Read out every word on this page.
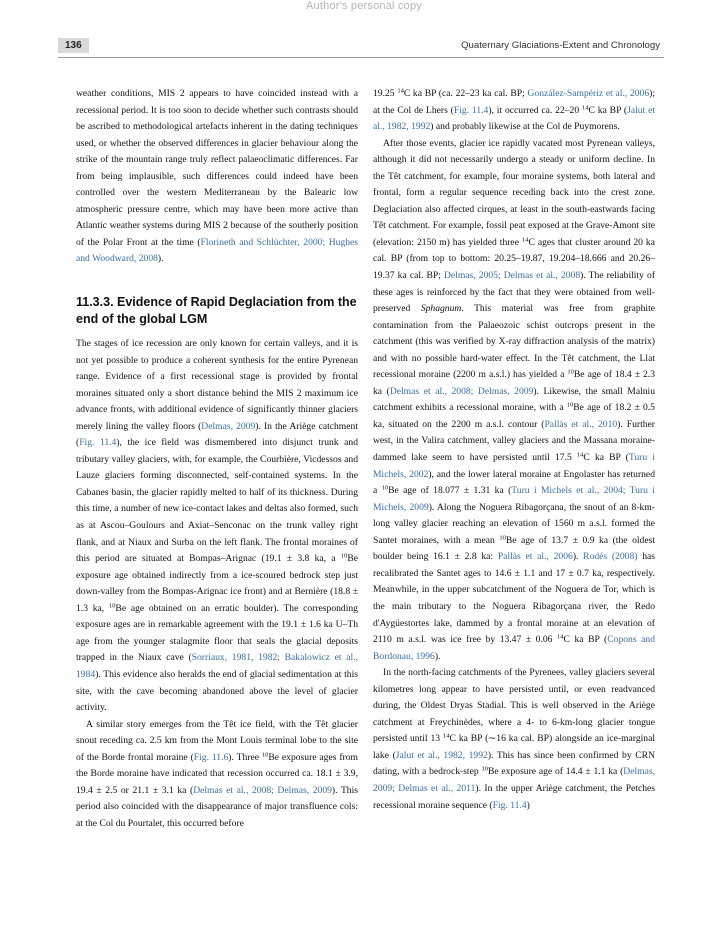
Author's personal copy
136	Quaternary Glaciations-Extent and Chronology

weather conditions, MIS 2 appears to have coincided instead with a recessional period. It is too soon to decide whether such contrasts should be ascribed to methodological artefacts inherent in the dating techniques used, or whether the observed differences in glacier behaviour along the strike of the mountain range truly reflect palaeoclimatic differences. Far from being implausible, such differences could indeed have been controlled over the western Mediterranean by the Balearic low atmospheric pressure centre, which may have been more active than Atlantic weather systems during MIS 2 because of the southerly position of the Polar Front at the time (Florineth and Schlüchter, 2000; Hughes and Woodward, 2008).

11.3.3. Evidence of Rapid Deglaciation from the end of the global LGM

The stages of ice recession are only known for certain valleys, and it is not yet possible to produce a coherent synthesis for the entire Pyrenean range. Evidence of a first recessional stage is provided by frontal moraines situated only a short distance behind the MIS 2 maximum ice advance fronts, with additional evidence of significantly thinner glaciers merely lining the valley floors (Delmas, 2009). In the Ariège catchment (Fig. 11.4), the ice field was dismembered into disjunct trunk and tributary valley glaciers, with, for example, the Courbière, Vicdessos and Lauze glaciers forming disconnected, self-contained systems. In the Cabanes basin, the glacier rapidly melted to half of its thickness. During this time, a number of new ice-contact lakes and deltas also formed, such as at Ascou–Goulours and Axiat–Senconac on the trunk valley right flank, and at Niaux and Surba on the left flank. The frontal moraines of this period are situated at Bompas–Arignac (19.1 ± 3.8 ka, a $^{10}$Be exposure age obtained indirectly from a ice-scoured bedrock step just down-valley from the Bompas-Arignac ice front) and at Bernière (18.8 ± 1.3 ka, $^{10}$Be age obtained on an erratic boulder). The corresponding exposure ages are in remarkable agreement with the 19.1 ± 1.6 ka U–Th age from the younger stalagmite floor that seals the glacial deposits trapped in the Niaux cave (Sorriaux, 1981, 1982; Bakalowicz et al., 1984). This evidence also heralds the end of glacial sedimentation at this site, with the cave becoming abandoned above the level of glacier activity.

A similar story emerges from the Têt ice field, with the Têt glacier snout receding ca. 2.5 km from the Mont Louis terminal lobe to the site of the Borde frontal moraine (Fig. 11.6). Three $^{10}$Be exposure ages from the Borde moraine have indicated that recession occurred ca. 18.1 ± 3.9, 19.4 ± 2.5 or 21.1 ± 3.1 ka (Delmas et al., 2008; Delmas, 2009). This period also coincided with the disappearance of major transfluence cols: at the Col du Pourtalet, this occurred before

19.25 $^{14}$C ka BP (ca. 22–23 ka cal. BP; González-Sampériz et al., 2006); at the Col de Lhers (Fig. 11.4), it occurred ca. 22–20 $^{14}$C ka BP (Jalut et al., 1982, 1992) and probably likewise at the Col de Puymorens.

After those events, glacier ice rapidly vacated most Pyrenean valleys, although it did not necessarily undergo a steady or uniform decline. In the Têt catchment, for example, four moraine systems, both lateral and frontal, form a regular sequence receding back into the crest zone. Deglaciation also affected cirques, at least in the south-eastwards facing Têt catchment. For example, fossil peat exposed at the Grave-Amont site (elevation: 2150 m) has yielded three $^{14}$C ages that cluster around 20 ka cal. BP (from top to bottom: 20.25–19.87, 19.204–18.666 and 20.26–19.37 ka cal. BP; Delmas, 2005; Delmas et al., 2008). The reliability of these ages is reinforced by the fact that they were obtained from well-preserved Sphagnum. This material was free from graphite contamination from the Palaeozoic schist outcrops present in the catchment (this was verified by X-ray diffraction analysis of the matrix) and with no possible hard-water effect. In the Têt catchment, the Llat recessional moraine (2200 m a.s.l.) has yielded a $^{10}$Be age of 18.4 ± 2.3 ka (Delmas et al., 2008; Delmas, 2009). Likewise, the small Malniu catchment exhibits a recessional moraine, with a $^{10}$Be age of 18.2 ± 0.5 ka, situated on the 2200 m a.s.l. contour (Pallàs et al., 2010). Further west, in the Valira catchment, valley glaciers and the Massana moraine-dammed lake seem to have persisted until 17.5 $^{14}$C ka BP (Turu i Michels, 2002), and the lower lateral moraine at Engolaster has returned a $^{10}$Be age of 18.077 ± 1.31 ka (Turu i Michels et al., 2004; Turu i Michels, 2009). Along the Noguera Ribagorçana, the snout of an 8-km-long valley glacier reaching an elevation of 1560 m a.s.l. formed the Santet moraines, with a mean $^{10}$Be age of 13.7 ± 0.9 ka (the oldest boulder being 16.1 ± 2.8 ka: Pallàs et al., 2006). Rodés (2008) has recalibrated the Santet ages to 14.6 ± 1.1 and 17 ± 0.7 ka, respectively. Meanwhile, in the upper subcatchment of the Noguera de Tor, which is the main tributary to the Noguera Ribagorçana river, the Redo d'Aygüestortes lake, dammed by a frontal moraine at an elevation of 2110 m a.s.l. was ice free by 13.47 ± 0.06 $^{14}$C ka BP (Copons and Bordonau, 1996).

In the north-facing catchments of the Pyrenees, valley glaciers several kilometres long appear to have persisted until, or even readvanced during, the Oldest Dryas Stadial. This is well observed in the Ariège catchment at Freychinèdes, where a 4- to 6-km-long glacier tongue persisted until 13 $^{14}$C ka BP (∼16 ka cal. BP) alongside an ice-marginal lake (Jalut et al., 1982, 1992). This has since been confirmed by CRN dating, with a bedrock-step $^{10}$Be exposure age of 14.4 ± 1.1 ka (Delmas, 2009; Delmas et al., 2011). In the upper Ariège catchment, the Petches recessional moraine sequence (Fig. 11.4)
